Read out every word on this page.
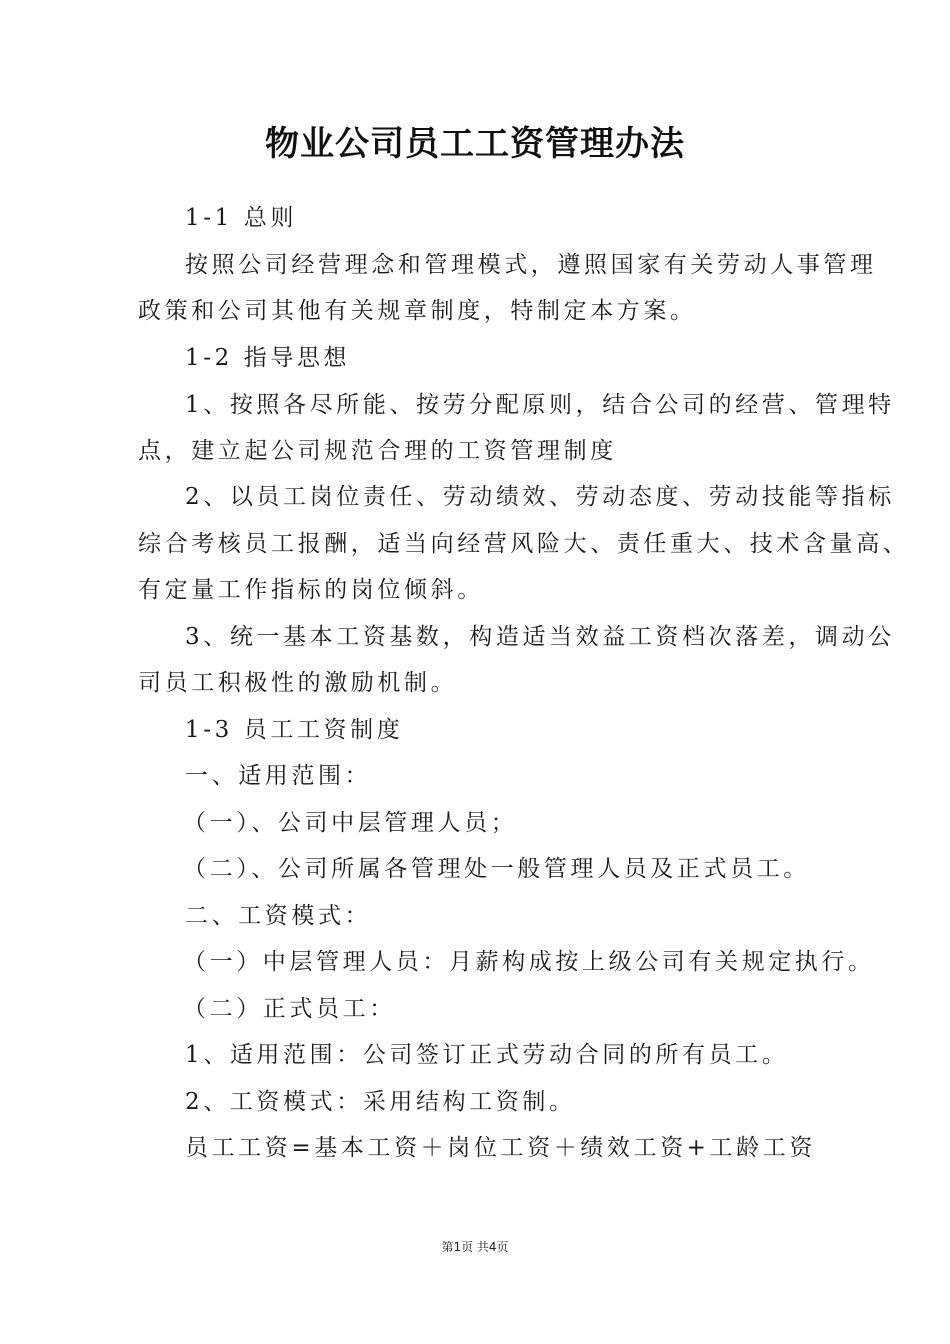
物业公司员工工资管理办法
1-1 总则
按照公司经营理念和管理模式，遵照国家有关劳动人事管理
政策和公司其他有关规章制度，特制定本方案。
1-2 指导思想
1、按照各尽所能、按劳分配原则，结合公司的经营、管理特
点，建立起公司规范合理的工资管理制度
2、以员工岗位责任、劳动绩效、劳动态度、劳动技能等指标
综合考核员工报酬，适当向经营风险大、责任重大、技术含量高、
有定量工作指标的岗位倾斜。
3、统一基本工资基数，构造适当效益工资档次落差，调动公
司员工积极性的激励机制。
1-3 员工工资制度
一、适用范围：
（一）、公司中层管理人员；
（二）、公司所属各管理处一般管理人员及正式员工。
二、工资模式：
（一）中层管理人员：月薪构成按上级公司有关规定执行。
（二）正式员工：
1、适用范围：公司签订正式劳动合同的所有员工。
2、工资模式：采用结构工资制。
员工工资=基本工资＋岗位工资＋绩效工资+工龄工资
第1页 共4页
